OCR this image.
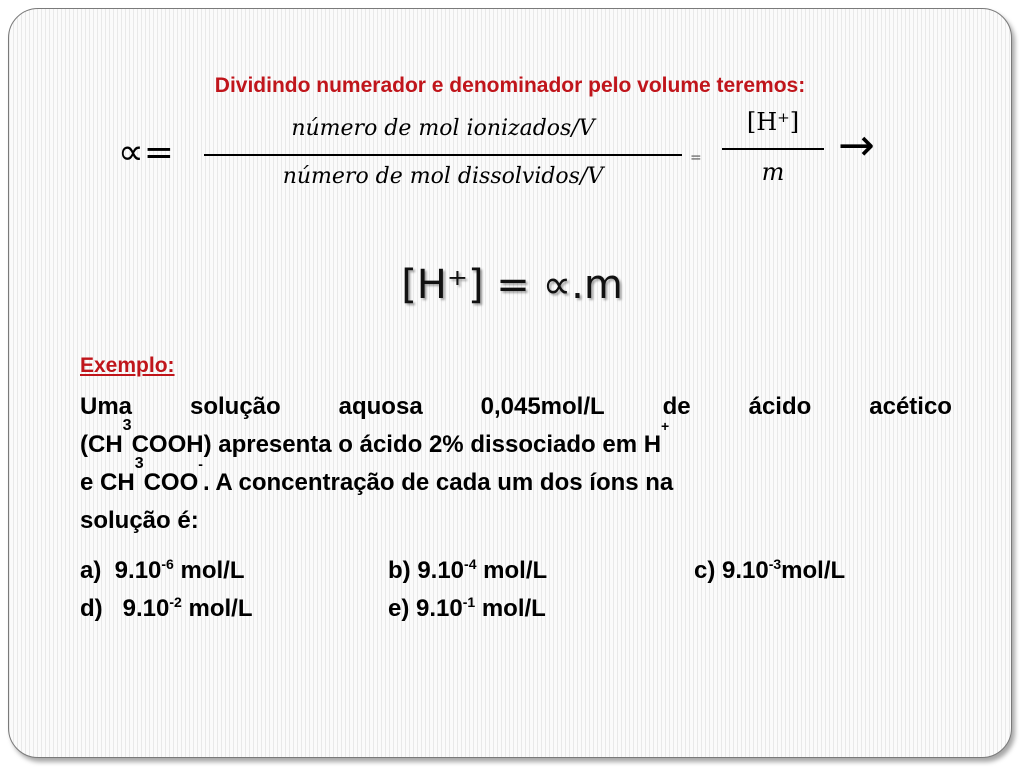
Dividindo numerador e denominador pelo volume teremos:
∝=
número de mol ionizados/V
número de mol dissolvidos/V
=
[H⁺]
m
→
[H⁺] = ∝.m
Exemplo:
Uma solução aquosa 0,045mol/L de ácido acético
(CH
3
COOH) apresenta o ácido 2% dissociado em H
+
e CH
3
COO
-
. A concentração de cada um dos íons na
solução é:
a)  $9.10^{-6}$ mol/L	b) $9.10^{-4}$ mol/L	c) $9.10^{-3}mol/L$
d)   $9.10^{-2}$ mol/L	e) $9.10^{-1}$ mol/L
